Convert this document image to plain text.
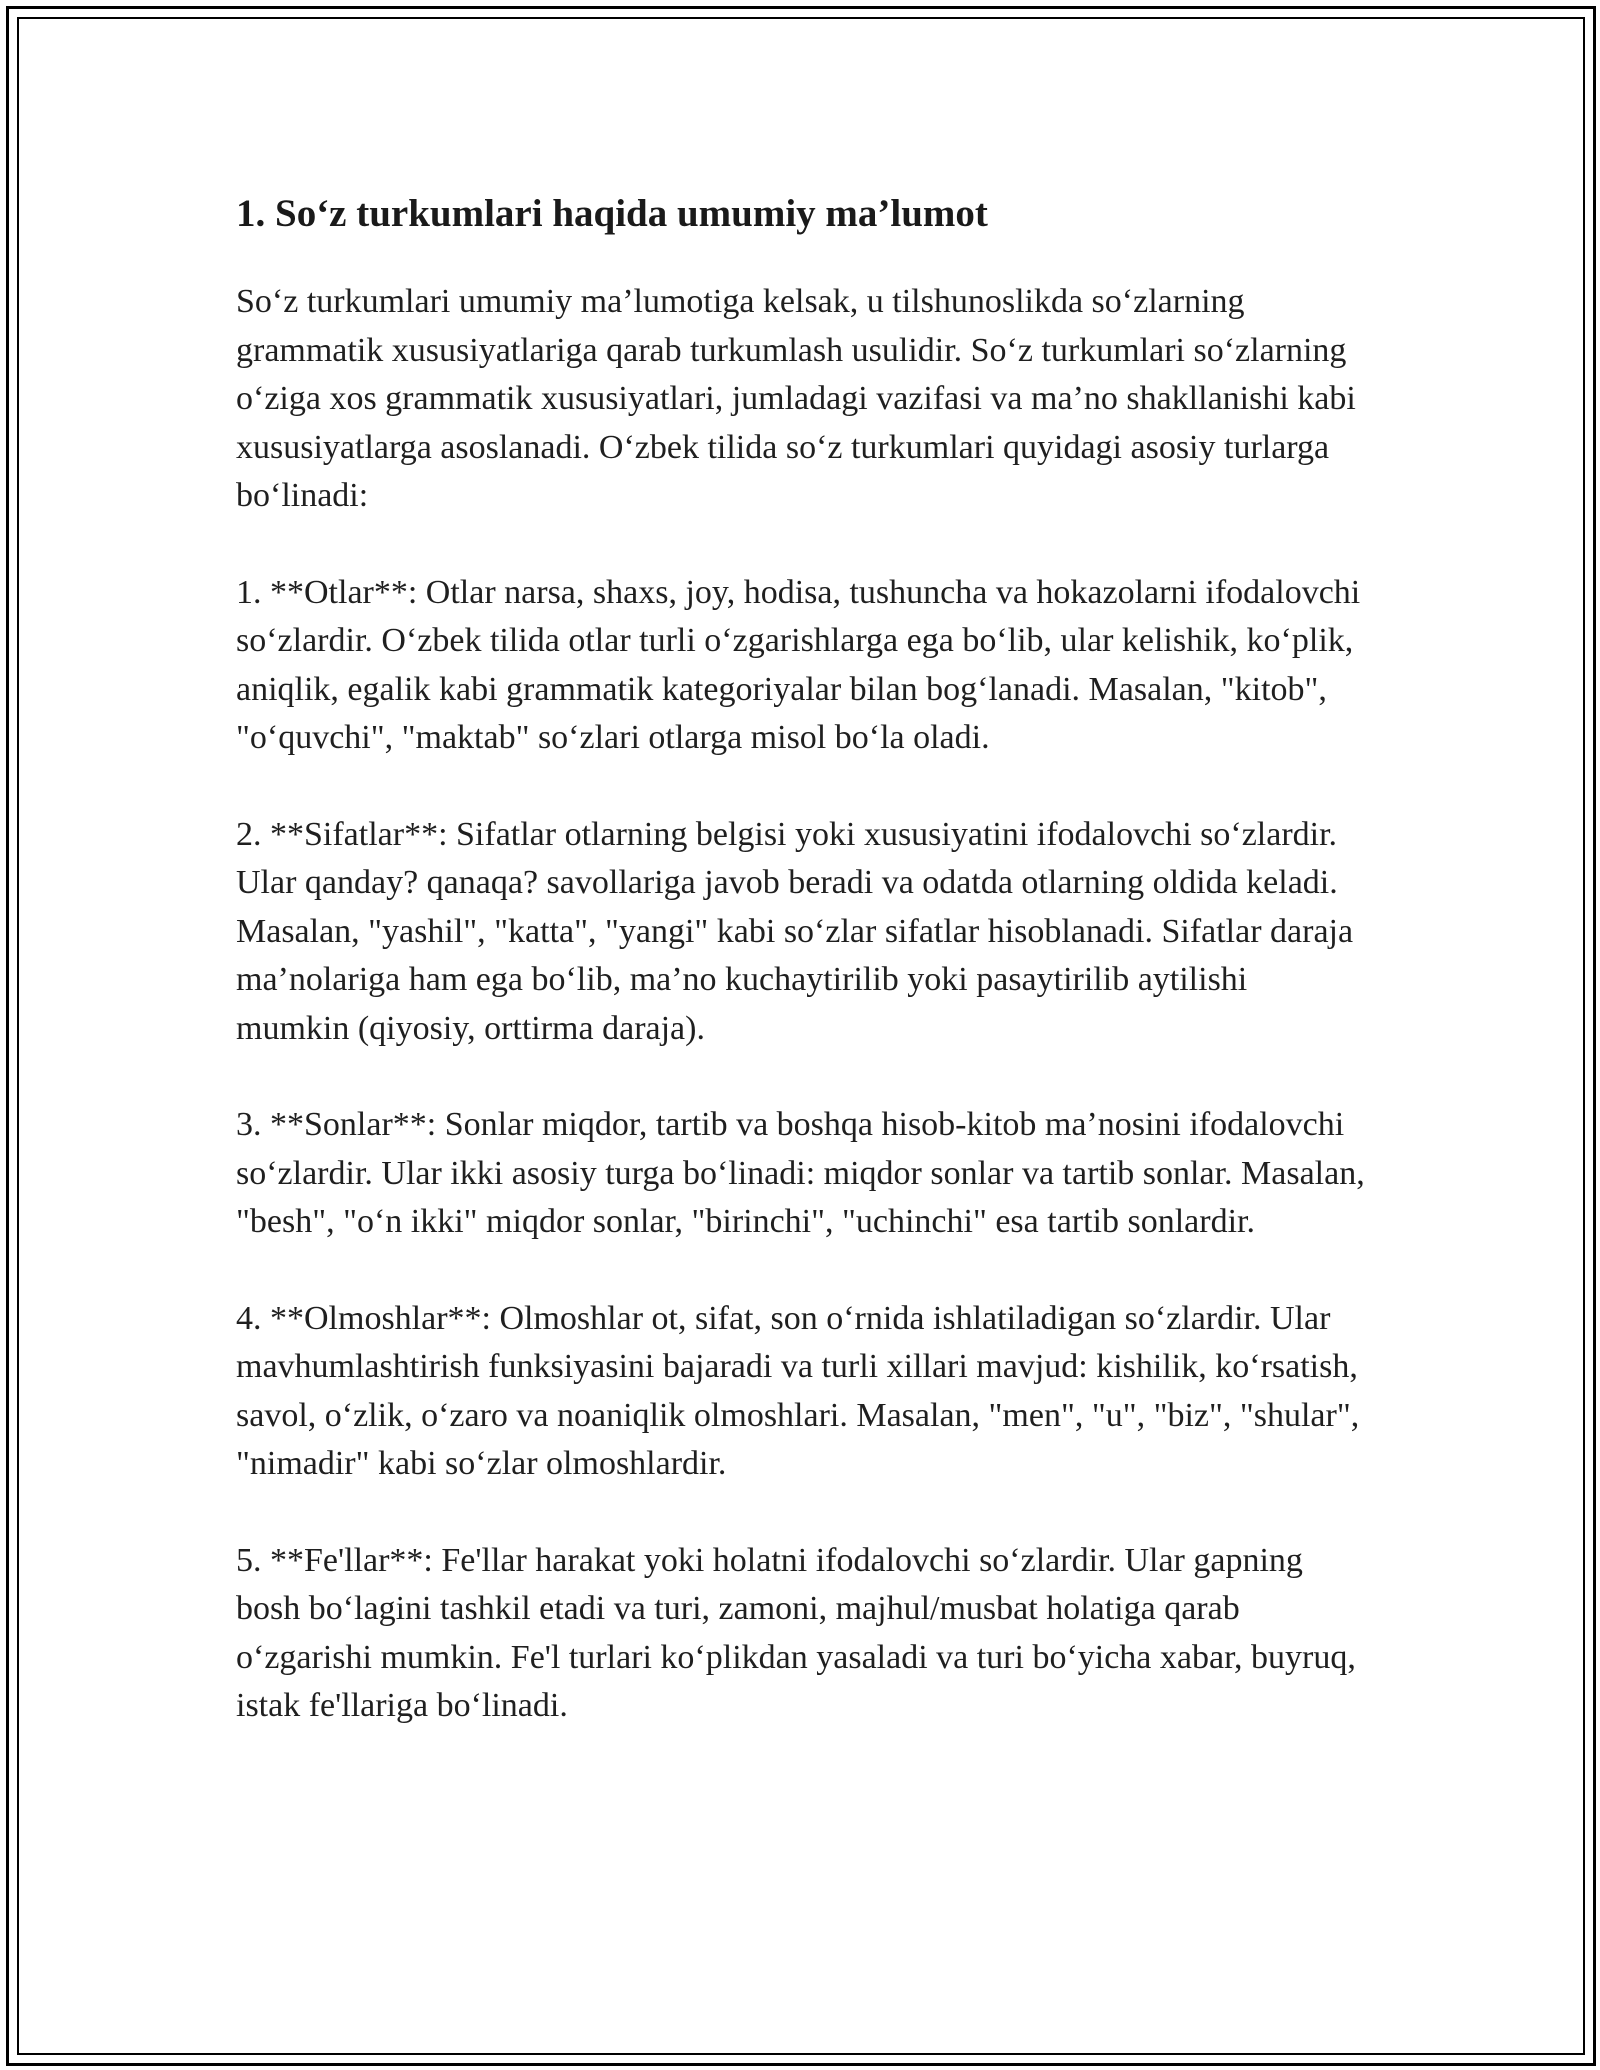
1. So‘z turkumlari haqida umumiy ma’lumot

So‘z turkumlari umumiy ma’lumotiga kelsak, u tilshunoslikda so‘zlarning grammatik xususiyatlariga qarab turkumlash usulidir. So‘z turkumlari so‘zlarning o‘ziga xos grammatik xususiyatlari, jumladagi vazifasi va ma’no shakllanishi kabi xususiyatlarga asoslanadi. O‘zbek tilida so‘z turkumlari quyidagi asosiy turlarga bo‘linadi:

1. **Otlar**: Otlar narsa, shaxs, joy, hodisa, tushuncha va hokazolarni ifodalovchi so‘zlardir. O‘zbek tilida otlar turli o‘zgarishlarga ega bo‘lib, ular kelishik, ko‘plik, aniqlik, egalik kabi grammatik kategoriyalar bilan bog‘lanadi. Masalan, "kitob", "o‘quvchi", "maktab" so‘zlari otlarga misol bo‘la oladi.

2. **Sifatlar**: Sifatlar otlarning belgisi yoki xususiyatini ifodalovchi so‘zlardir. Ular qanday? qanaqa? savollariga javob beradi va odatda otlarning oldida keladi. Masalan, "yashil", "katta", "yangi" kabi so‘zlar sifatlar hisoblanadi. Sifatlar daraja ma’nolariga ham ega bo‘lib, ma’no kuchaytirilib yoki pasaytirilib aytilishi mumkin (qiyosiy, orttirma daraja).

3. **Sonlar**: Sonlar miqdor, tartib va boshqa hisob-kitob ma’nosini ifodalovchi so‘zlardir. Ular ikki asosiy turga bo‘linadi: miqdor sonlar va tartib sonlar. Masalan, "besh", "o‘n ikki" miqdor sonlar, "birinchi", "uchinchi" esa tartib sonlardir.

4. **Olmoshlar**: Olmoshlar ot, sifat, son o‘rnida ishlatiladigan so‘zlardir. Ular mavhumlashtirish funksiyasini bajaradi va turli xillari mavjud: kishilik, ko‘rsatish, savol, o‘zlik, o‘zaro va noaniqlik olmoshlari. Masalan, "men", "u", "biz", "shular", "nimadir" kabi so‘zlar olmoshlardir.

5. **Fe'llar**: Fe'llar harakat yoki holatni ifodalovchi so‘zlardir. Ular gapning bosh bo‘lagini tashkil etadi va turi, zamoni, majhul/musbat holatiga qarab o‘zgarishi mumkin. Fe'l turlari ko‘plikdan yasaladi va turi bo‘yicha xabar, buyruq, istak fe'llariga bo‘linadi.
